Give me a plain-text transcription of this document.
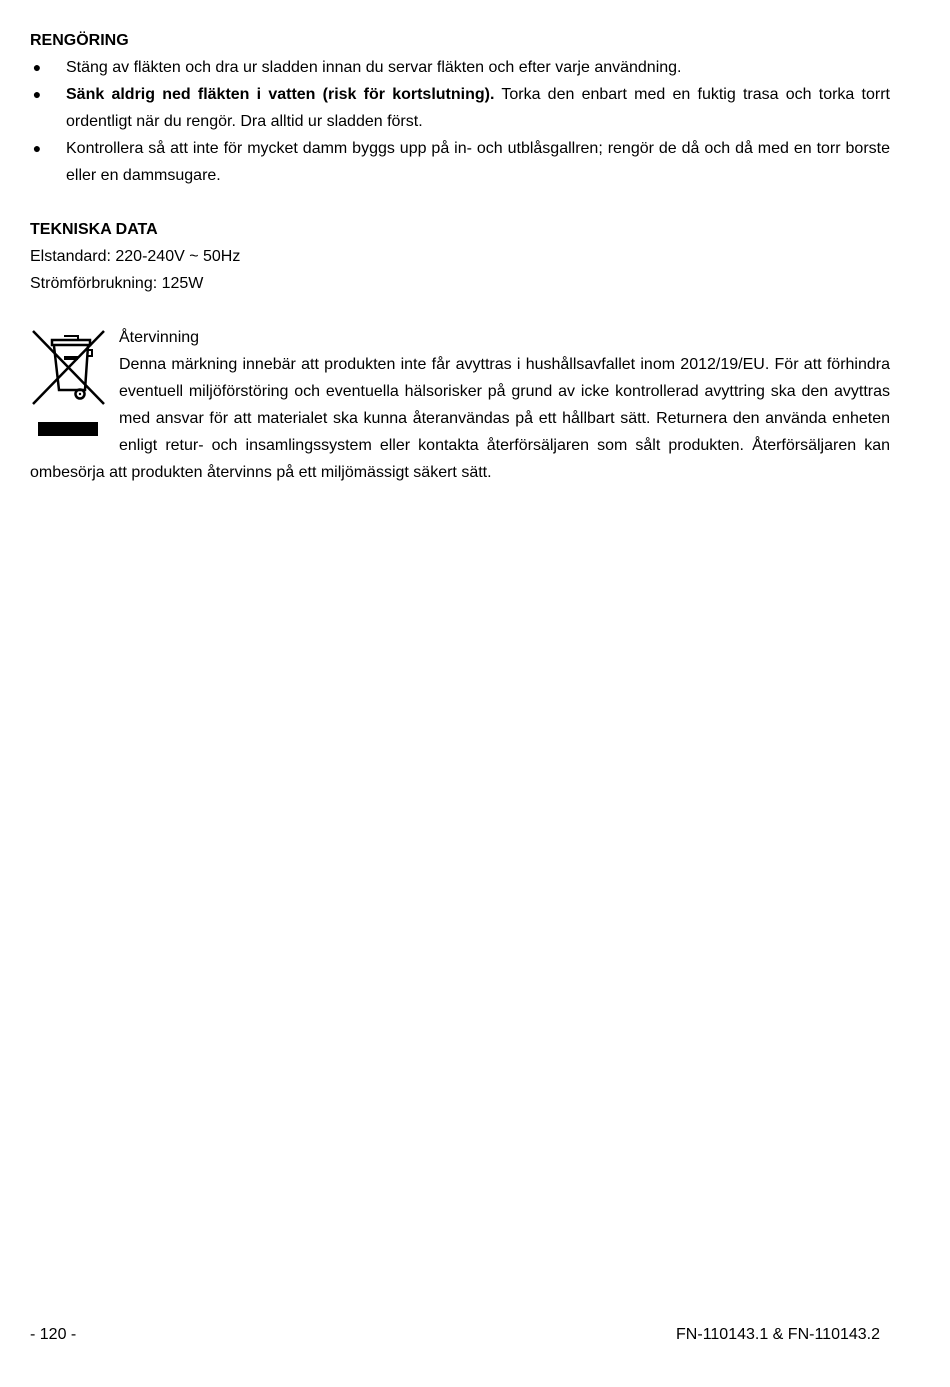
RENGÖRING
● Stäng av fläkten och dra ur sladden innan du servar fläkten och efter varje användning.
● Sänk aldrig ned fläkten i vatten (risk för kortslutning). Torka den enbart med en fuktig trasa och torka torrt ordentligt när du rengör. Dra alltid ur sladden först.
● Kontrollera så att inte för mycket damm byggs upp på in- och utblåsgallren; rengör de då och då med en torr borste eller en dammsugare.
TEKNISKA DATA

Elstandard: 220-240V ~ 50Hz

Strömförbrukning: 125W

Återvinning
Denna märkning innebär att produkten inte får avyttras i hushållsavfallet inom 2012/19/EU. För att förhindra eventuell miljöförstöring och eventuella hälsorisker på grund av icke kontrollerad avyttring ska den avyttras med ansvar för att materialet ska kunna återanvändas på ett hållbart sätt. Returnera den använda enheten enligt retur- och insamlingssystem eller kontakta återförsäljaren som sålt produkten. Återförsäljaren kan ombesörja att produkten återvinns på ett miljömässigt säkert sätt.
- 120 -	FN-110143.1 & FN-110143.2
